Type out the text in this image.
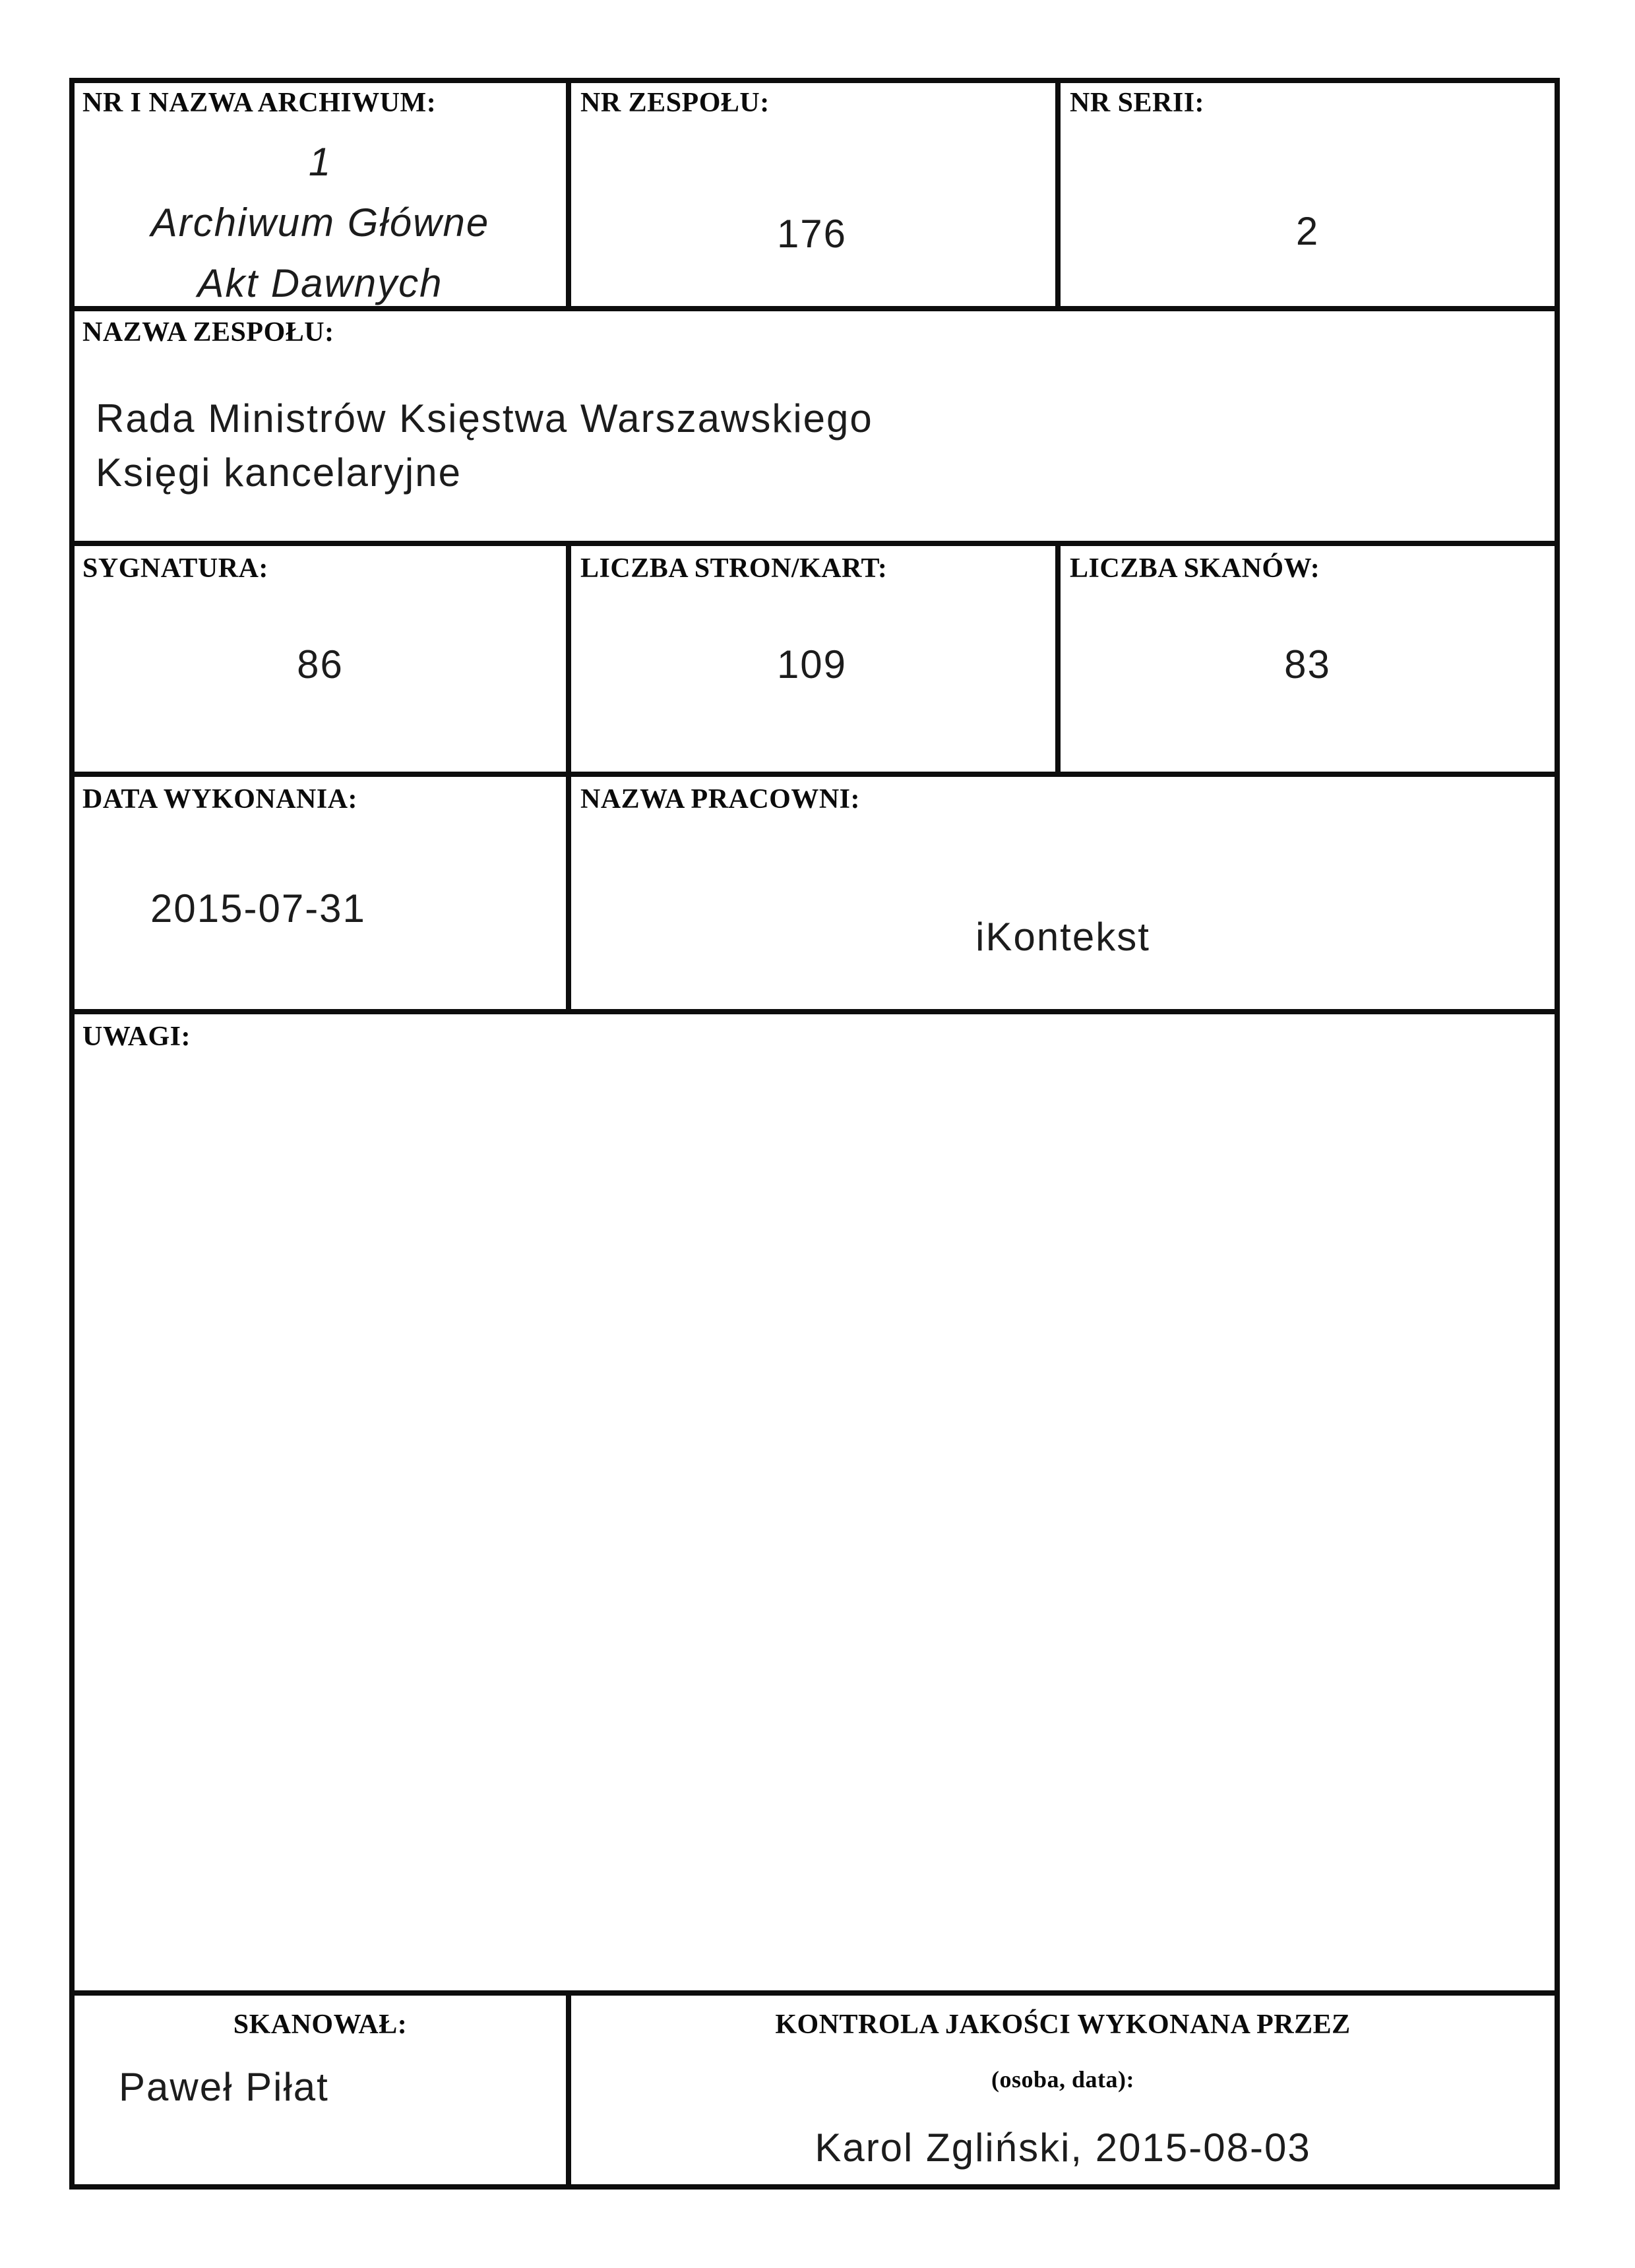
NR I NAZWA ARCHIWUM:
1
Archiwum Główne
Akt Dawnych
NR ZESPOŁU:
176
NR SERII:
2
NAZWA ZESPOŁU:
Rada Ministrów Księstwa Warszawskiego
Księgi kancelaryjne
SYGNATURA:
86
LICZBA STRON/KART:
109
LICZBA SKANÓW:
83
DATA WYKONANIA:
2015-07-31
NAZWA PRACOWNI:
iKontekst
UWAGI:
SKANOWAŁ:
Paweł Piłat
KONTROLA JAKOŚCI WYKONANA PRZEZ
(osoba, data):
Karol Zgliński, 2015-08-03
